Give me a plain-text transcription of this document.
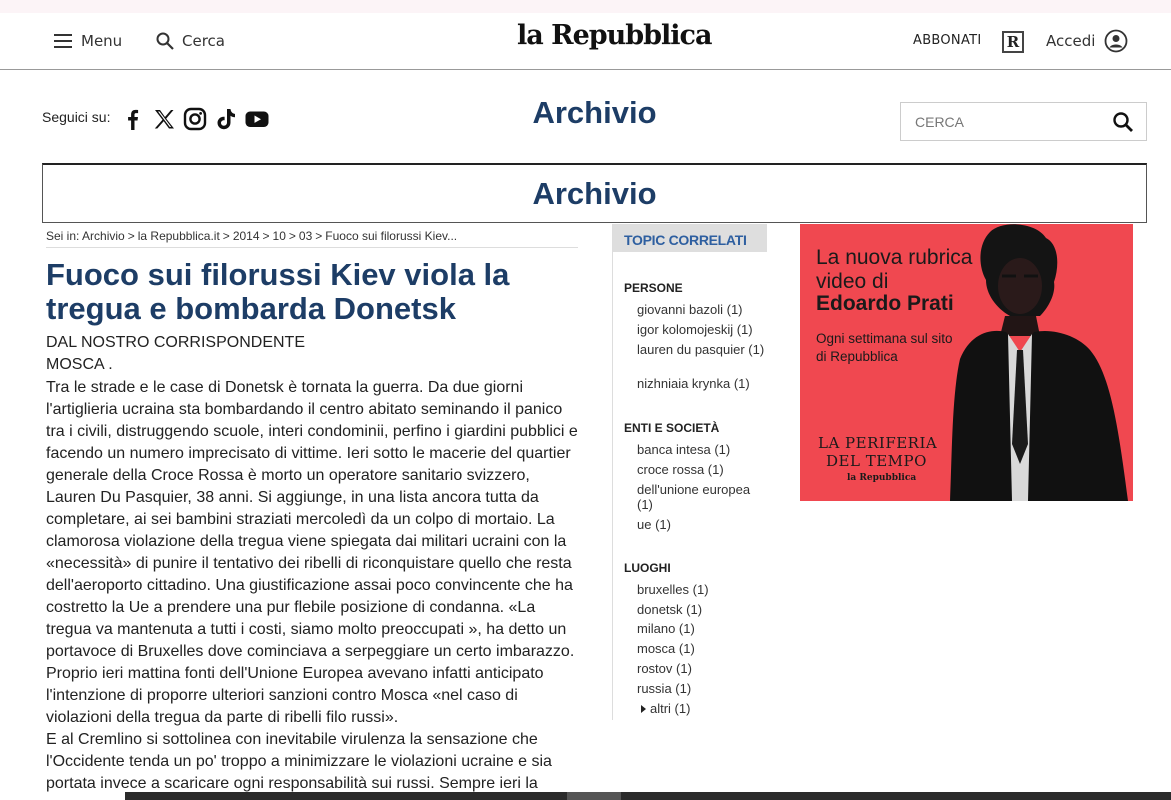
Menu	Cerca	la Repubblica	ABBONATI	R	Accedi
Seguici su:	Archivio
CERCA
Archivio
Sei in: Archivio > la Repubblica.it > 2014 > 10 > 03 > Fuoco sui filorussi Kiev...
Fuoco sui filorussi Kiev viola la tregua e bombarda Donetsk
DAL NOSTRO CORRISPONDENTE
MOSCA .

Tra le strade e le case di Donetsk è tornata la guerra. Da due giorni l'artiglieria ucraina sta bombardando il centro abitato seminando il panico tra i civili, distruggendo scuole, interi condominii, perfino i giardini pubblici e facendo un numero imprecisato di vittime. Ieri sotto le macerie del quartier generale della Croce Rossa è morto un operatore sanitario svizzero, Lauren Du Pasquier, 38 anni. Si aggiunge, in una lista ancora tutta da completare, ai sei bambini straziati mercoledì da un colpo di mortaio. La clamorosa violazione della tregua viene spiegata dai militari ucraini con la «necessità» di punire il tentativo dei ribelli di riconquistare quello che resta dell'aeroporto cittadino. Una giustificazione assai poco convincente che ha costretto la Ue a prendere una pur flebile posizione di condanna. «La tregua va mantenuta a tutti i costi, siamo molto preoccupati », ha detto un portavoce di Bruxelles dove cominciava a serpeggiare un certo imbarazzo. Proprio ieri mattina fonti dell'Unione Europea avevano infatti anticipato l'intenzione di proporre ulteriori sanzioni contro Mosca «nel caso di violazioni della tregua da parte di ribelli filo russi».

E al Cremlino si sottolinea con inevitabile virulenza la sensazione che l'Occidente tenda un po' troppo a minimizzare le violazioni ucraine e sia portata invece a scaricare ogni responsabilità sui russi. Sempre ieri la

TOPIC CORRELATI
PERSONE
giovanni bazoli (1)
igor kolomojeskij (1)
lauren du pasquier (1)
nizhniaia krynka (1)
ENTI E SOCIETÀ
banca intesa (1)
croce rossa (1)
dell'unione europea (1)
ue (1)
LUOGHI
bruxelles (1)
donetsk (1)
milano (1)
mosca (1)
rostov (1)
russia (1)
altri (1)
La nuova rubrica
video di
Edoardo Prati
Ogni settimana sul sito
di Repubblica
LA PERIFERIA
DEL TEMPO
la Repubblica
